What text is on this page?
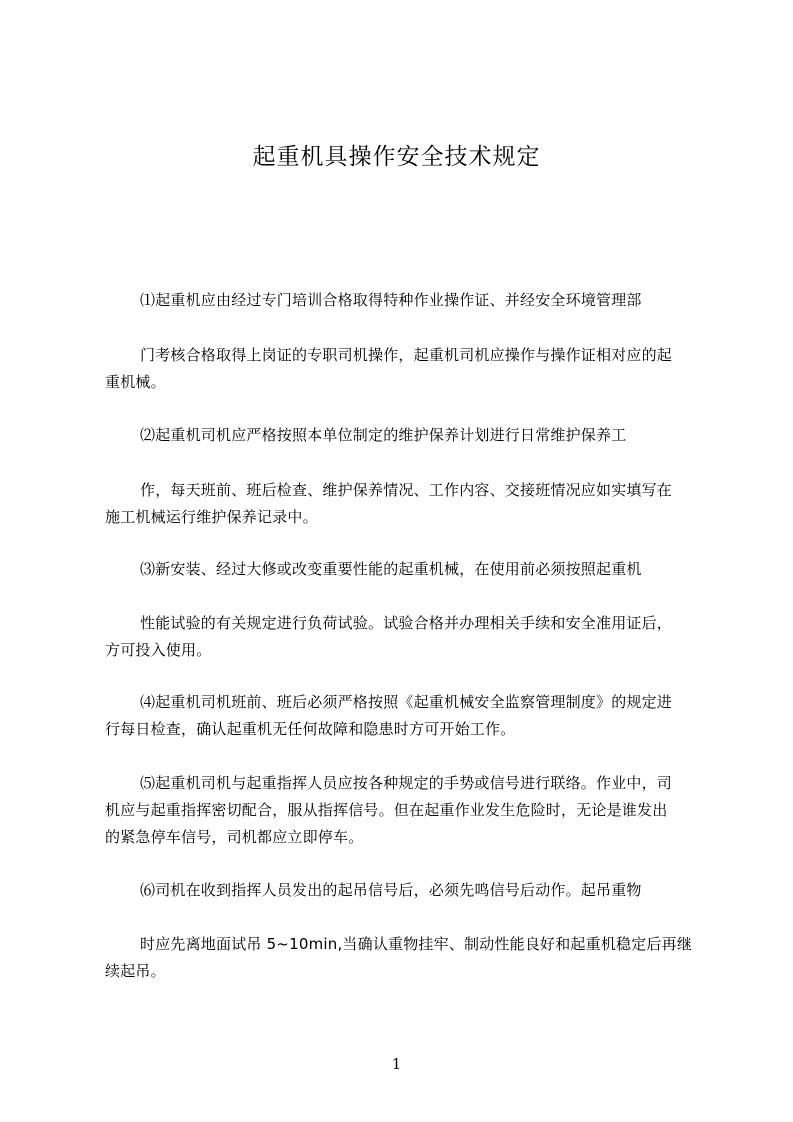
起重机具操作安全技术规定
⑴起重机应由经过专门培训合格取得特种作业操作证、并经安全环境管理部
门考核合格取得上岗证的专职司机操作，起重机司机应操作与操作证相对应的起
重机械。
⑵起重机司机应严格按照本单位制定的维护保养计划进行日常维护保养工
作，每天班前、班后检查、维护保养情况、工作内容、交接班情况应如实填写在
施工机械运行维护保养记录中。
⑶新安装、经过大修或改变重要性能的起重机械，在使用前必须按照起重机
性能试验的有关规定进行负荷试验。试验合格并办理相关手续和安全准用证后，
方可投入使用。
⑷起重机司机班前、班后必须严格按照《起重机械安全监察管理制度》的规定进
行每日检查，确认起重机无任何故障和隐患时方可开始工作。
⑸起重机司机与起重指挥人员应按各种规定的手势或信号进行联络。作业中，司
机应与起重指挥密切配合，服从指挥信号。但在起重作业发生危险时，无论是谁发出
的紧急停车信号，司机都应立即停车。
⑹司机在收到指挥人员发出的起吊信号后，必须先鸣信号后动作。起吊重物
时应先离地面试吊 5~10min,当确认重物挂牢、制动性能良好和起重机稳定后再继
续起吊。
1
